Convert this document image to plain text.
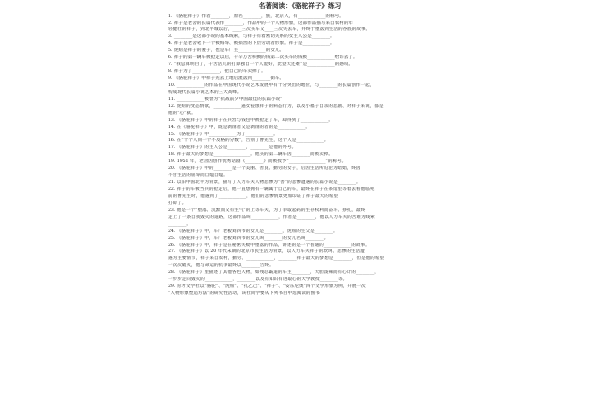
名著阅读：《骆驼祥子》练习
1. 《骆驼祥子》作者________，原名________，族，北京人，有____________的称号。
2. 祥子是老舍的长篇代表作________，作品中的一个人物形象，这部作品描写来自农村的年
轻健壮的祥子，到北平城以后，____三次买车又____三次失去车，并终于堕落到生活的谷底的故事。
3. ________是这部小说的基本线索，与祥子有着密切关系的女主人公是________。
4. 祥子是老舍笔下一个被侮辱、被损害的下层劳动者形象。祥子是____________。
5. 虎妞是祥子的妻子，也是车厂主____________的女儿。
6. 祥子的第一辆车被抢走以后，千辛万苦积攒的钱第二次买车的钱被____________给诈去了。
7. “我总算明白了，干苦活儿的打算独自一个人混好，比登天还难”是____________的感叹。
8. 祥子为了____________，把自己的车卖掉了。
9. 《骆驼祥子》中祥子先去上地后流落到________街车。
10. ____________的作品在中国现代小说艺术发展中有十分突出的地位，与________的长篇创作一起，
构成现代长篇小说艺术的三大高峰。
11. ____________被誉为“抗战前夕中国最佳的长篇小说”
12. 虎妞的变态情欲，____________逼女侵蚀祥子的病态行为，以及小福子自杀的悲剧、对祥子来说，都是
他的“心”狱。
13. 《骆驼祥子》中的祥子在兵营与钱包中被抢走了车，却得到了____________。
14. 在《骆驼祥子》中，既是剥削者又是剥削的者的是____________。
15. 《骆驼祥子》中____________为了____________。
16. 在“十个人同一个不及格的分数”，告别了曹先生，这个人是____________。
17. 《骆驼祥子》的主人公是________，________是他的外号。
18. 祥子最大的梦想是________________。他买的第二辆车因________而被卖掉。
19. 1951 年，老舍因创作优秀话剧《________》而被授予“________________”的称号。
20. 《骆驼祥子》中的________是一个美丽、善良、勤劳的女子，后因生活所迫沦为暗娼，终因
不甘生活的屈辱而自缢自缢。
21. 以旧中国北平为背景，描写了人力车夫人物悲惨为“善”的悲惨遭遇的长篇小说是________。
22. 祥子的车被当兵的抢走后，他一直想拥有一辆属于自己的车，最终在祥子在茶馆里等着去看他临死
前的曹先生时，他遇到了____________，他们的悲惨情景更加印证了祥子最大的希望
打碎了。
23. 他是一个“堕落、沉默而又有生气”的上等车夫，为了争取起码的生存权利而奋斗、挣扎，最终
走上了一条自我毁灭的道路，这部作品叫____________，作者是________，他以人力车夫的苦难为线索
________。
24. 《骆驼祥子》中，车厂老板刘四爷的女儿是________，虎妞的生父是________。
25. 《骆驼祥子》中，车厂老板刘四爷的女儿叫________的女儿名叫________。
26. 《骆驼祥子》中，祥子是在秘密失败中堕落的作品，讲述的是一个普通的____________的故事。
27. 《骆驼祥子》以 20 年代末期的北京市民生活为背景，以人力车夫祥子的坎坷、悲惨的生活遭
遇为主要情节，祥子来自农村，勤劳、____________，________祥子最大的梦想是________，但是他的希望
一次次破灭，他与命运的抗争最终以________告终。
28. 《骆驼祥子》里描述了其他各色人物，如残忍霸道的车主________，大胆泼辣而有心计的________，
一步步走向毁灭的____________，________以及有知识有进取心的大学教授________等。
29. 育才文学社以“骆驼”、“虎妞”、“孔乙己”、“祥子”、“安东尼奥”四个文学形象为例，开展一次
“人物形象塑造方法”的研究性活动，该社同学要从下列书目中选阅读的图书
